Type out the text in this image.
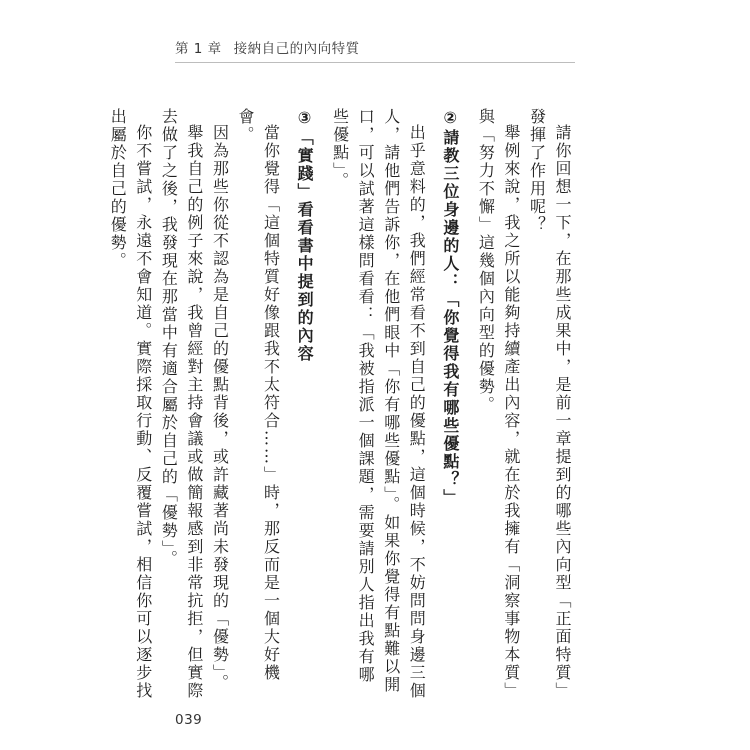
第 1 章 接納自己的內向特質

請你回想一下，在那些成果中，是前一章提到的哪些內向型「正面特質」發揮了作用呢？

舉例來說，我之所以能夠持續產出內容，就在於我擁有「洞察事物本質」與「努力不懈」這幾個內向型的優勢。

②請教三位身邊的人：「你覺得我有哪些優點？」

出乎意料的，我們經常看不到自己的優點，這個時候，不妨問問身邊三個人，請他們告訴你，在他們眼中「你有哪些優點」。如果你覺得有點難以開口，可以試著這樣問看看：「我被指派一個課題，需要請別人指出我有哪些優點」。

③「實踐」看看書中提到的內容

當你覺得「這個特質好像跟我不太符合……」時，那反而是一個大好機會。

因為那些你從不認為是自己的優點背後，或許藏著尚未發現的「優勢」。

舉我自己的例子來說，我曾經對主持會議或做簡報感到非常抗拒，但實際去做了之後，我發現在那當中有適合屬於自己的「優勢」。

你不嘗試，永遠不會知道。實際採取行動、反覆嘗試，相信你可以逐步找出屬於自己的優勢。

039
